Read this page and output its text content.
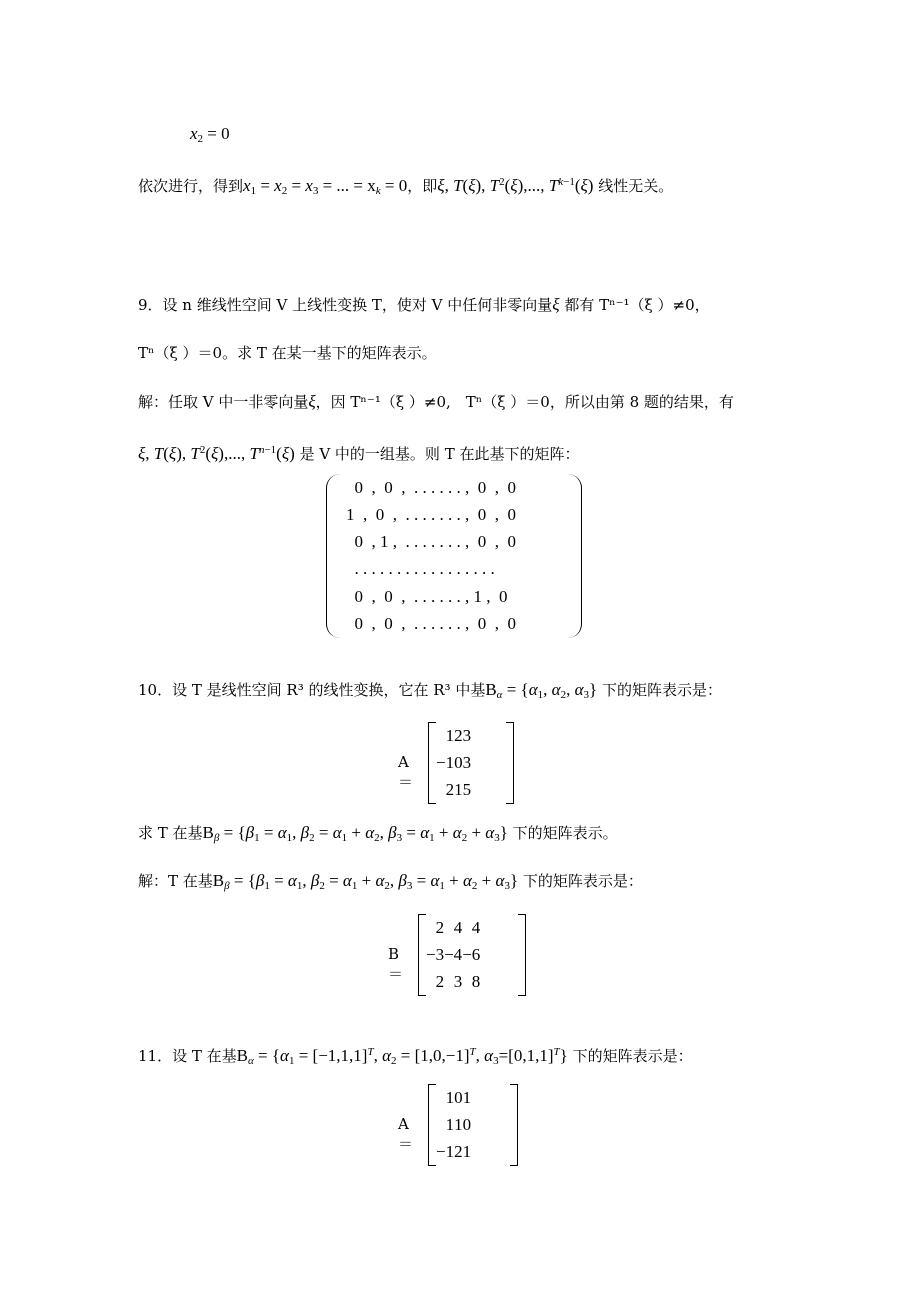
$x_2 = 0$
依次进行，得到$x_1 = x_2 = x_3$ = ... = $x_k = 0$，即ξ, T(ξ), $T^2(\xi)$,..., $T^{k-1}(\xi)$ 线性无关。
9．设 n 维线性空间 V 上线性变换 T，使对 V 中任何非零向量ξ 都有 Tⁿ⁻¹（ξ ）≠0，
Tⁿ（ξ ）＝0。求 T 在某一基下的矩阵表示。
解：任取 V 中一非零向量ξ，因 Tⁿ⁻¹（ξ ）≠0,　Tⁿ（ξ ）＝0，所以由第 8 题的结果，有
ξ, T(ξ), $T^2(\xi)$,..., $T^{n-1}(\xi)$ 是 V 中的一组基。则 T 在此基下的矩阵：
0  ,  0  ,  . . . . . . ,  0  ,  0
1  ,  0  ,  . . . . . . . ,  0  ,  0
0  , 1 ,  . . . . . . . ,  0  ,  0
. . . . . . . . . . . . . . . . .
0  ,  0  ,  . . . . . . , 1 ,  0
0  ,  0  ,  . . . . . . ,  0  ,  0
10．设 T 是线性空间 R³ 的线性变换，它在 R³ 中基$B_\alpha = \{\alpha_1$, $\alpha_2$, $\alpha_3$} 下的矩阵表示是：
A＝
1	2	3
−1	0	3
2	1	5
求 T 在基$B_\beta = \{\beta_1 = \alpha_1$, $\beta_2 = \alpha_1 + \alpha_2$, $\beta_3 = \alpha_1 + \alpha_2 + \alpha_3$} 下的矩阵表示。
解：T 在基$B_\beta = \{\beta_1 = \alpha_1$, $\beta_2 = \alpha_1 + \alpha_2$, $\beta_3 = \alpha_1 + \alpha_2 + \alpha_3$} 下的矩阵表示是：
B＝
2	4	4
−3	−4	−6
2	3	8
11．设 T 在基$B_\alpha = \{\alpha_1 = [-1,1,1]^T$, $\alpha_2 = [1,0,-1]^T$, $\alpha_3=[0,1,1]^T$} 下的矩阵表示是：
A＝
1	0	1
1	1	0
−1	2	1
